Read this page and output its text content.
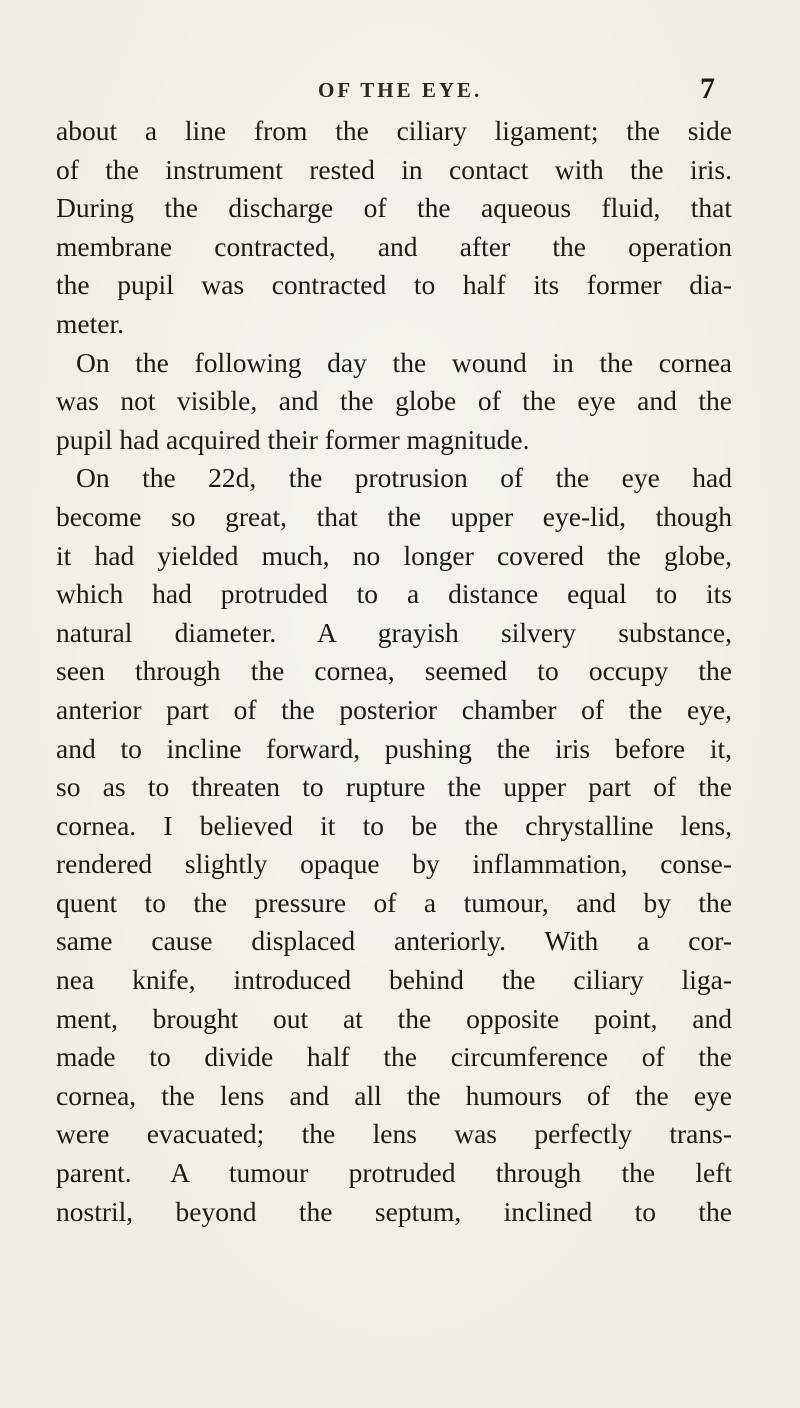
OF THE EYE.	7
about a line from the ciliary ligament; the side
of the instrument rested in contact with the iris.
During the discharge of the aqueous fluid, that
membrane contracted, and after the operation
the pupil was contracted to half its former dia-
meter.
On the following day the wound in the cornea
was not visible, and the globe of the eye and the
pupil had acquired their former magnitude.
On the 22d, the protrusion of the eye had
become so great, that the upper eye-lid, though
it had yielded much, no longer covered the globe,
which had protruded to a distance equal to its
natural diameter. A grayish silvery substance,
seen through the cornea, seemed to occupy the
anterior part of the posterior chamber of the eye,
and to incline forward, pushing the iris before it,
so as to threaten to rupture the upper part of the
cornea. I believed it to be the chrystalline lens,
rendered slightly opaque by inflammation, conse-
quent to the pressure of a tumour, and by the
same cause displaced anteriorly. With a cor-
nea knife, introduced behind the ciliary liga-
ment, brought out at the opposite point, and
made to divide half the circumference of the
cornea, the lens and all the humours of the eye
were evacuated; the lens was perfectly trans-
parent. A tumour protruded through the left
nostril, beyond the septum, inclined to the
